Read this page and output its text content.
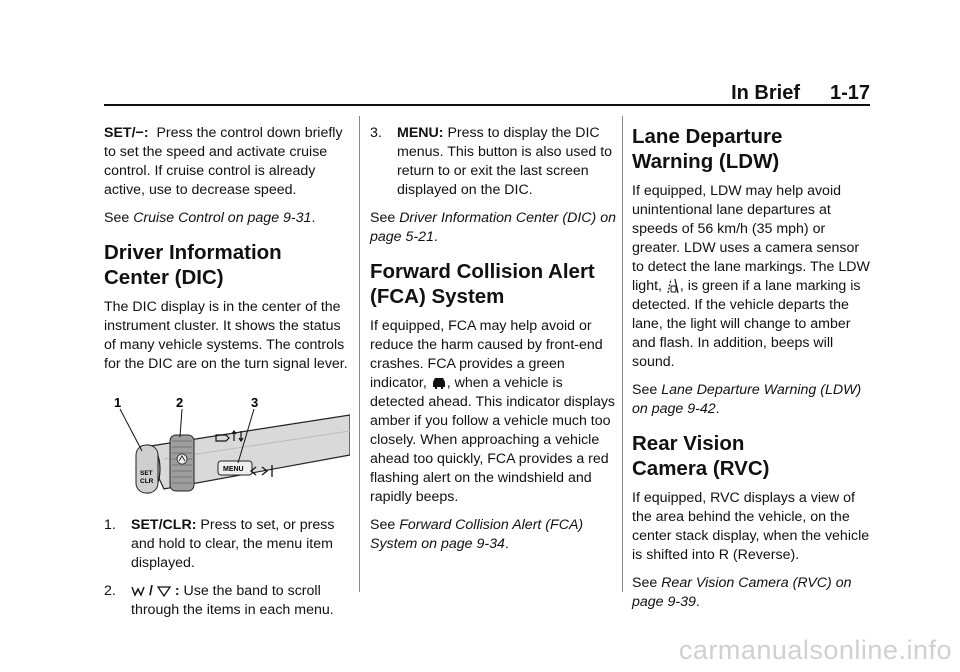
In Brief 1-17

SET/−: Press the control down briefly to set the speed and activate cruise control. If cruise control is already active, use to decrease speed.

See Cruise Control on page 9-31.

Driver Information
Center (DIC)

The DIC display is in the center of the instrument cluster. It shows the status of many vehicle systems. The controls for the DIC are on the turn signal lever.

SET
CLR
MENU
1	2	3
1.	SET/CLR: Press to set, or press and hold to clear, the menu item displayed.
2.	/ : Use the band to scroll through the items in each menu.
3.	MENU: Press to display the DIC menus. This button is also used to return to or exit the last screen displayed on the DIC.

See Driver Information Center (DIC) on page 5-21.

Forward Collision Alert
(FCA) System

If equipped, FCA may help avoid or reduce the harm caused by front-end crashes. FCA provides a green indicator, , when a vehicle is detected ahead. This indicator displays amber if you follow a vehicle much too closely. When approaching a vehicle ahead too quickly, FCA provides a red flashing alert on the windshield and rapidly beeps.

See Forward Collision Alert (FCA) System on page 9-34.

Lane Departure
Warning (LDW)

If equipped, LDW may help avoid unintentional lane departures at speeds of 56 km/h (35 mph) or greater. LDW uses a camera sensor to detect the lane markings. The LDW light, , is green if a lane marking is detected. If the vehicle departs the lane, the light will change to amber and flash. In addition, beeps will sound.

See Lane Departure Warning (LDW) on page 9-42.

Rear Vision
Camera (RVC)

If equipped, RVC displays a view of the area behind the vehicle, on the center stack display, when the vehicle is shifted into R (Reverse).

See Rear Vision Camera (RVC) on page 9-39.

carmanualsonline.info
